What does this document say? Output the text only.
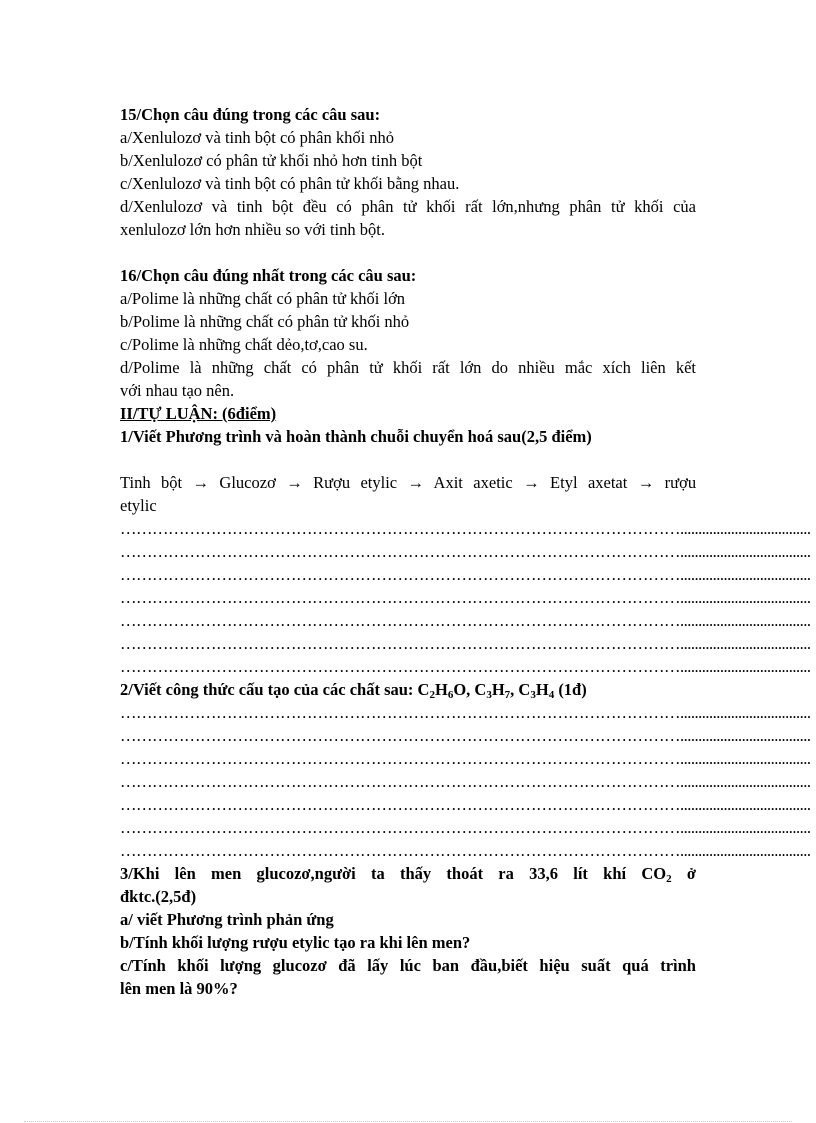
15/Chọn câu đúng trong các câu sau:
a/Xenlulozơ và tinh bột có phân khối nhỏ
b/Xenlulozơ có phân tử khối nhỏ hơn tinh bột
c/Xenlulozơ và tinh bột có phân tử khối bằng nhau.
d/Xenlulozơ và tinh bột đều có phân tử khối rất lớn,nhưng phân tử khối của
xenlulozơ lớn hơn nhiều so với tinh bột.
16/Chọn câu đúng nhất trong các câu sau:
a/Polime là những chất có phân tử khối lớn
b/Polime là những chất có phân tử khối nhỏ
c/Polime là những chất dẻo,tơ,cao su.
d/Polime là những chất có phân tử khối rất lớn do nhiều mắc xích liên kết
với nhau tạo nên.
II/TỰ LUẬN: (6điểm)
1/Viết Phương trình và hoàn thành chuỗi chuyển hoá sau(2,5 điểm)
Tinh bột → Glucozơ → Rượu etylic → Axit axetic → Etyl axetat → rượu
etylic
……………………………………………………………………………………………....................................
……………………………………………………………………………………………....................................
……………………………………………………………………………………………....................................
……………………………………………………………………………………………....................................
……………………………………………………………………………………………....................................
……………………………………………………………………………………………....................................
……………………………………………………………………………………………....................................
2/Viết công thức cấu tạo của các chất sau: $C_2H_6O$, $C_3H_7$, $C_3H_4$ (1đ)
……………………………………………………………………………………………....................................
……………………………………………………………………………………………....................................
……………………………………………………………………………………………....................................
……………………………………………………………………………………………....................................
……………………………………………………………………………………………....................................
……………………………………………………………………………………………....................................
……………………………………………………………………………………………....................................
3/Khi lên men glucozơ,người ta thấy thoát ra 33,6 lít khí $CO_2$ ở
đktc.(2,5đ)
a/ viết Phương trình phản ứng
b/Tính khối lượng rượu etylic tạo ra khi lên men?
c/Tính khối lượng glucozơ đã lấy lúc ban đầu,biết hiệu suất quá trình
lên men là 90%?
